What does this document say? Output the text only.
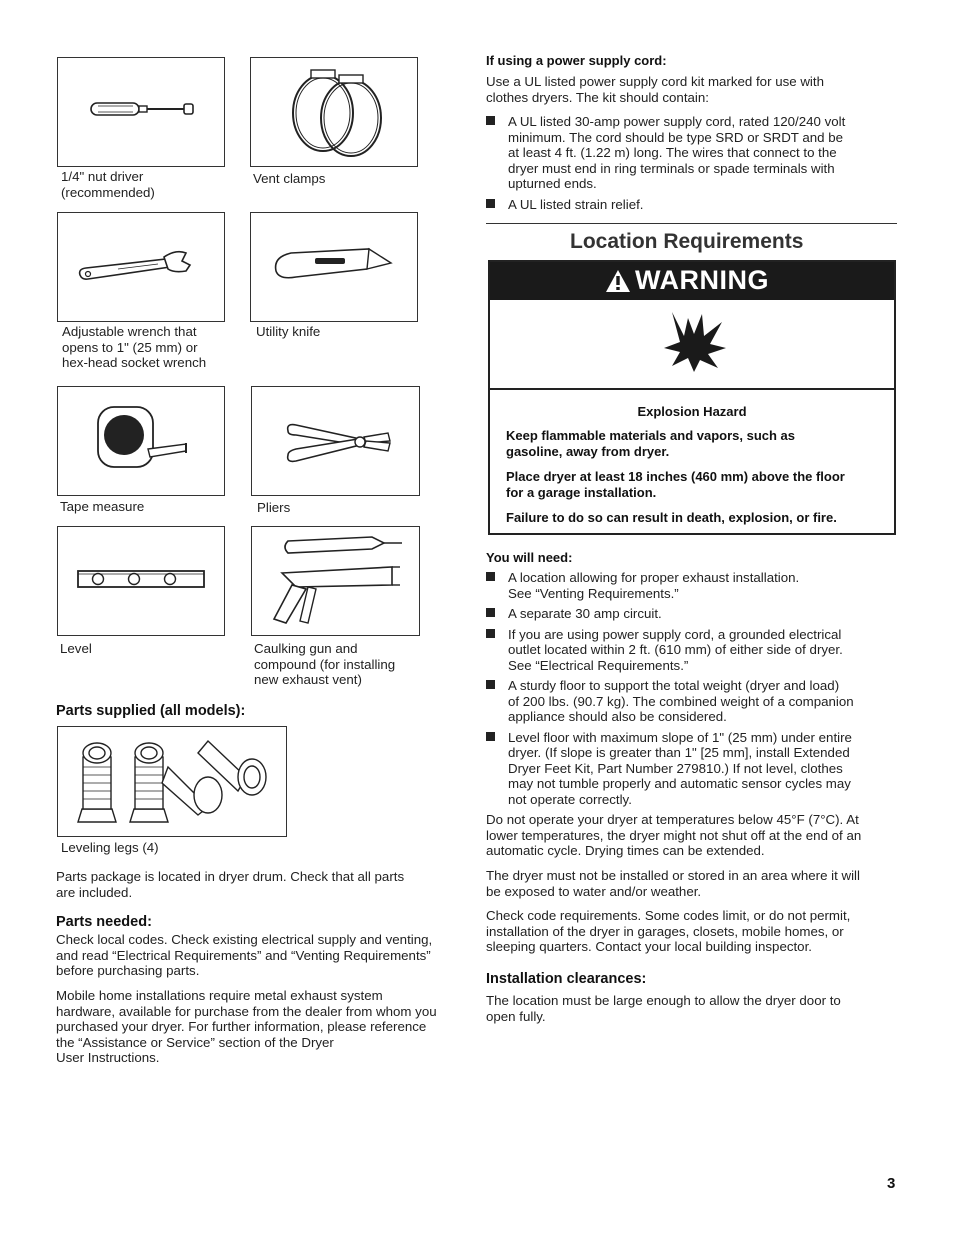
1/4" nut driver
(recommended)
Vent clamps
Adjustable wrench that
opens to 1" (25 mm) or
hex-head socket wrench
Utility knife
Tape measure	Pliers
Level	Caulking gun and
compound (for installing
new exhaust vent)
Parts supplied (all models):
Leveling legs (4)

Parts package is located in dryer drum. Check that all parts
are included.

Parts needed:

Check local codes. Check existing electrical supply and venting,
and read “Electrical Requirements” and “Venting Requirements”
before purchasing parts.

Mobile home installations require metal exhaust system
hardware, available for purchase from the dealer from whom you
purchased your dryer. For further information, please reference
the “Assistance or Service” section of the Dryer
User Instructions.

If using a power supply cord:

Use a UL listed power supply cord kit marked for use with
clothes dryers. The kit should contain:

A UL listed 30-amp power supply cord, rated 120/240 volt
minimum. The cord should be type SRD or SRDT and be
at least 4 ft. (1.22 m) long. The wires that connect to the
dryer must end in ring terminals or spade terminals with
upturned ends.
A UL listed strain relief.
Location Requirements
WARNING
Explosion Hazard
Keep flammable materials and vapors, such as
gasoline, away from dryer.
Place dryer at least 18 inches (460 mm) above the floor
for a garage installation.
Failure to do so can result in death, explosion, or fire.
You will need:
A location allowing for proper exhaust installation.
See “Venting Requirements.”
A separate 30 amp circuit.
If you are using power supply cord, a grounded electrical
outlet located within 2 ft. (610 mm) of either side of dryer.
See “Electrical Requirements.”
A sturdy floor to support the total weight (dryer and load)
of 200 lbs. (90.7 kg). The combined weight of a companion
appliance should also be considered.
Level floor with maximum slope of 1" (25 mm) under entire
dryer. (If slope is greater than 1" [25 mm], install Extended
Dryer Feet Kit, Part Number 279810.) If not level, clothes
may not tumble properly and automatic sensor cycles may
not operate correctly.

Do not operate your dryer at temperatures below 45°F (7°C). At
lower temperatures, the dryer might not shut off at the end of an
automatic cycle. Drying times can be extended.

The dryer must not be installed or stored in an area where it will
be exposed to water and/or weather.

Check code requirements. Some codes limit, or do not permit,
installation of the dryer in garages, closets, mobile homes, or
sleeping quarters. Contact your local building inspector.

Installation clearances:

The location must be large enough to allow the dryer door to
open fully.

3
